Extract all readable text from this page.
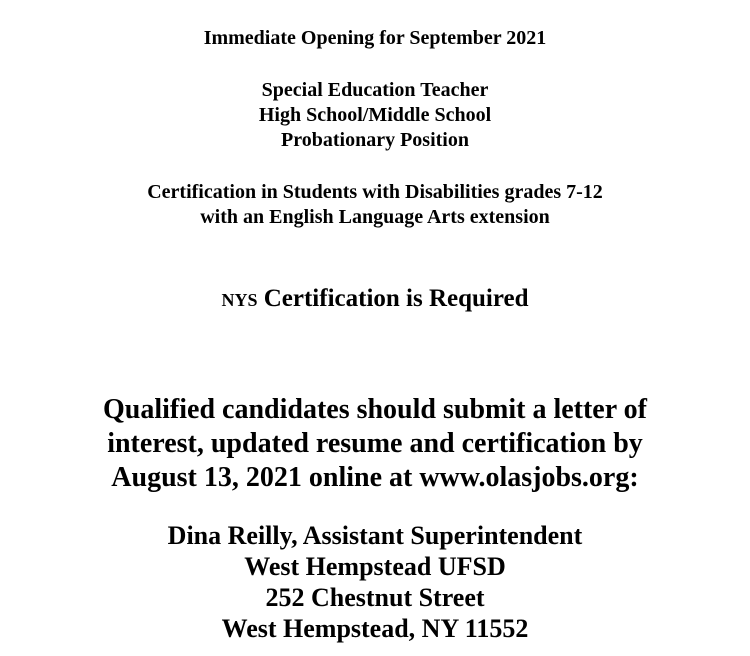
Immediate Opening for September 2021
Special Education Teacher
High School/Middle School
Probationary Position
Certification in Students with Disabilities grades 7-12
with an English Language Arts extension
NYS Certification is Required
Qualified candidates should submit a letter of
interest, updated resume and certification by
August 13, 2021 online at www.olasjobs.org:
Dina Reilly, Assistant Superintendent
West Hempstead UFSD
252 Chestnut Street
West Hempstead, NY 11552
